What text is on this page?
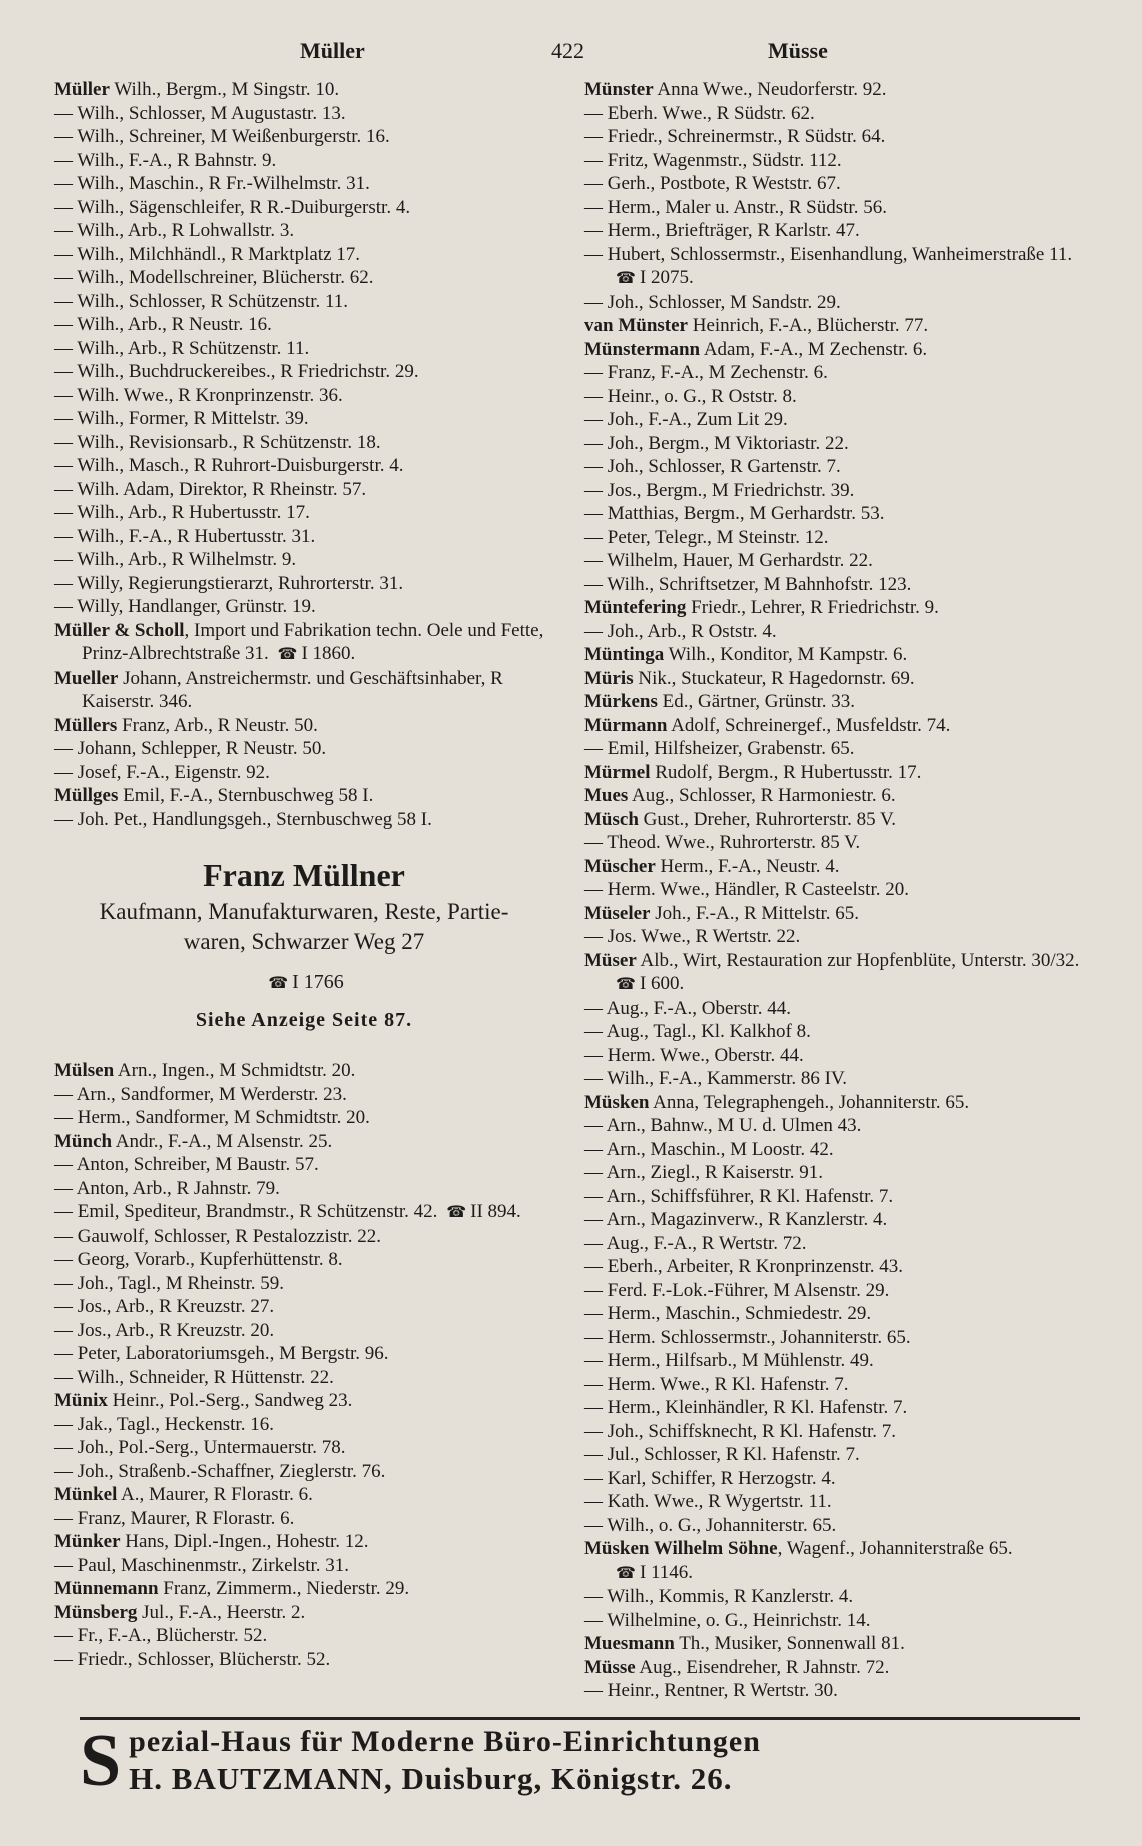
Müller	422	Müsse
Müller Wilh., Bergm., M Singstr. 10.
— Wilh., Schlosser, M Augustastr. 13.
— Wilh., Schreiner, M Weißenburgerstr. 16.
— Wilh., F.-A., R Bahnstr. 9.
— Wilh., Maschin., R Fr.-Wilhelmstr. 31.
— Wilh., Sägenschleifer, R R.-Duiburgerstr. 4.
— Wilh., Arb., R Lohwallstr. 3.
— Wilh., Milchhändl., R Marktplatz 17.
— Wilh., Modellschreiner, Blücherstr. 62.
— Wilh., Schlosser, R Schützenstr. 11.
— Wilh., Arb., R Neustr. 16.
— Wilh., Arb., R Schützenstr. 11.
— Wilh., Buchdruckereibes., R Friedrichstr. 29.
— Wilh. Wwe., R Kronprinzenstr. 36.
— Wilh., Former, R Mittelstr. 39.
— Wilh., Revisionsarb., R Schützenstr. 18.
— Wilh., Masch., R Ruhrort-Duisburgerstr. 4.
— Wilh. Adam, Direktor, R Rheinstr. 57.
— Wilh., Arb., R Hubertusstr. 17.
— Wilh., F.-A., R Hubertusstr. 31.
— Wilh., Arb., R Wilhelmstr. 9.
— Willy, Regierungstierarzt, Ruhrorterstr. 31.
— Willy, Handlanger, Grünstr. 19.
Müller & Scholl, Import und Fabrikation techn. Oele und Fette, Prinz-Albrechtstraße 31. ☎ I 1860.
Mueller Johann, Anstreichermstr. und Geschäftsinhaber, R Kaiserstr. 346.
Müllers Franz, Arb., R Neustr. 50.
— Johann, Schlepper, R Neustr. 50.
— Josef, F.-A., Eigenstr. 92.
Müllges Emil, F.-A., Sternbuschweg 58 I.
— Joh. Pet., Handlungsgeh., Sternbuschweg 58 I.
Franz Müllner
Kaufmann, Manufakturwaren, Reste, Partie-
waren, Schwarzer Weg 27
☎ I 1766
Siehe Anzeige Seite 87.
Mülsen Arn., Ingen., M Schmidtstr. 20.
— Arn., Sandformer, M Werderstr. 23.
— Herm., Sandformer, M Schmidtstr. 20.
Münch Andr., F.-A., M Alsenstr. 25.
— Anton, Schreiber, M Baustr. 57.
— Anton, Arb., R Jahnstr. 79.
— Emil, Spediteur, Brandmstr., R Schützenstr. 42. ☎ II 894.
— Gauwolf, Schlosser, R Pestalozzistr. 22.
— Georg, Vorarb., Kupferhüttenstr. 8.
— Joh., Tagl., M Rheinstr. 59.
— Jos., Arb., R Kreuzstr. 27.
— Jos., Arb., R Kreuzstr. 20.
— Peter, Laboratoriumsgeh., M Bergstr. 96.
— Wilh., Schneider, R Hüttenstr. 22.
Münix Heinr., Pol.-Serg., Sandweg 23.
— Jak., Tagl., Heckenstr. 16.
— Joh., Pol.-Serg., Untermauerstr. 78.
— Joh., Straßenb.-Schaffner, Zieglerstr. 76.
Münkel A., Maurer, R Florastr. 6.
— Franz, Maurer, R Florastr. 6.
Münker Hans, Dipl.-Ingen., Hohestr. 12.
— Paul, Maschinenmstr., Zirkelstr. 31.
Münnemann Franz, Zimmerm., Niederstr. 29.
Münsberg Jul., F.-A., Heerstr. 2.
— Fr., F.-A., Blücherstr. 52.
— Friedr., Schlosser, Blücherstr. 52.
Münster Anna Wwe., Neudorferstr. 92.
— Eberh. Wwe., R Südstr. 62.
— Friedr., Schreinermstr., R Südstr. 64.
— Fritz, Wagenmstr., Südstr. 112.
— Gerh., Postbote, R Weststr. 67.
— Herm., Maler u. Anstr., R Südstr. 56.
— Herm., Briefträger, R Karlstr. 47.
— Hubert, Schlossermstr., Eisenhandlung, Wanheimerstraße 11. ☎ I 2075.
— Joh., Schlosser, M Sandstr. 29.
van Münster Heinrich, F.-A., Blücherstr. 77.
Münstermann Adam, F.-A., M Zechenstr. 6.
— Franz, F.-A., M Zechenstr. 6.
— Heinr., o. G., R Oststr. 8.
— Joh., F.-A., Zum Lit 29.
— Joh., Bergm., M Viktoriastr. 22.
— Joh., Schlosser, R Gartenstr. 7.
— Jos., Bergm., M Friedrichstr. 39.
— Matthias, Bergm., M Gerhardstr. 53.
— Peter, Telegr., M Steinstr. 12.
— Wilhelm, Hauer, M Gerhardstr. 22.
— Wilh., Schriftsetzer, M Bahnhofstr. 123.
Müntefering Friedr., Lehrer, R Friedrichstr. 9.
— Joh., Arb., R Oststr. 4.
Müntinga Wilh., Konditor, M Kampstr. 6.
Müris Nik., Stuckateur, R Hagedornstr. 69.
Mürkens Ed., Gärtner, Grünstr. 33.
Mürmann Adolf, Schreinergef., Musfeldstr. 74.
— Emil, Hilfsheizer, Grabenstr. 65.
Mürmel Rudolf, Bergm., R Hubertusstr. 17.
Mues Aug., Schlosser, R Harmoniestr. 6.
Müsch Gust., Dreher, Ruhrorterstr. 85 V.
— Theod. Wwe., Ruhrorterstr. 85 V.
Müscher Herm., F.-A., Neustr. 4.
— Herm. Wwe., Händler, R Casteelstr. 20.
Müseler Joh., F.-A., R Mittelstr. 65.
— Jos. Wwe., R Wertstr. 22.
Müser Alb., Wirt, Restauration zur Hopfenblüte, Unterstr. 30/32. ☎ I 600.
— Aug., F.-A., Oberstr. 44.
— Aug., Tagl., Kl. Kalkhof 8.
— Herm. Wwe., Oberstr. 44.
— Wilh., F.-A., Kammerstr. 86 IV.
Müsken Anna, Telegraphengeh., Johanniterstr. 65.
— Arn., Bahnw., M U. d. Ulmen 43.
— Arn., Maschin., M Loostr. 42.
— Arn., Ziegl., R Kaiserstr. 91.
— Arn., Schiffsführer, R Kl. Hafenstr. 7.
— Arn., Magazinverw., R Kanzlerstr. 4.
— Aug., F.-A., R Wertstr. 72.
— Eberh., Arbeiter, R Kronprinzenstr. 43.
— Ferd. F.-Lok.-Führer, M Alsenstr. 29.
— Herm., Maschin., Schmiedestr. 29.
— Herm. Schlossermstr., Johanniterstr. 65.
— Herm., Hilfsarb., M Mühlenstr. 49.
— Herm. Wwe., R Kl. Hafenstr. 7.
— Herm., Kleinhändler, R Kl. Hafenstr. 7.
— Joh., Schiffsknecht, R Kl. Hafenstr. 7.
— Jul., Schlosser, R Kl. Hafenstr. 7.
— Karl, Schiffer, R Herzogstr. 4.
— Kath. Wwe., R Wygertstr. 11.
— Wilh., o. G., Johanniterstr. 65.
Müsken Wilhelm Söhne, Wagenf., Johanniterstraße 65. ☎ I 1146.
— Wilh., Kommis, R Kanzlerstr. 4.
— Wilhelmine, o. G., Heinrichstr. 14.
Muesmann Th., Musiker, Sonnenwall 81.
Müsse Aug., Eisendreher, R Jahnstr. 72.
— Heinr., Rentner, R Wertstr. 30.
S pezial-Haus für Moderne Büro-Einrichtungen
H. BAUTZMANN, Duisburg, Königstr. 26.
